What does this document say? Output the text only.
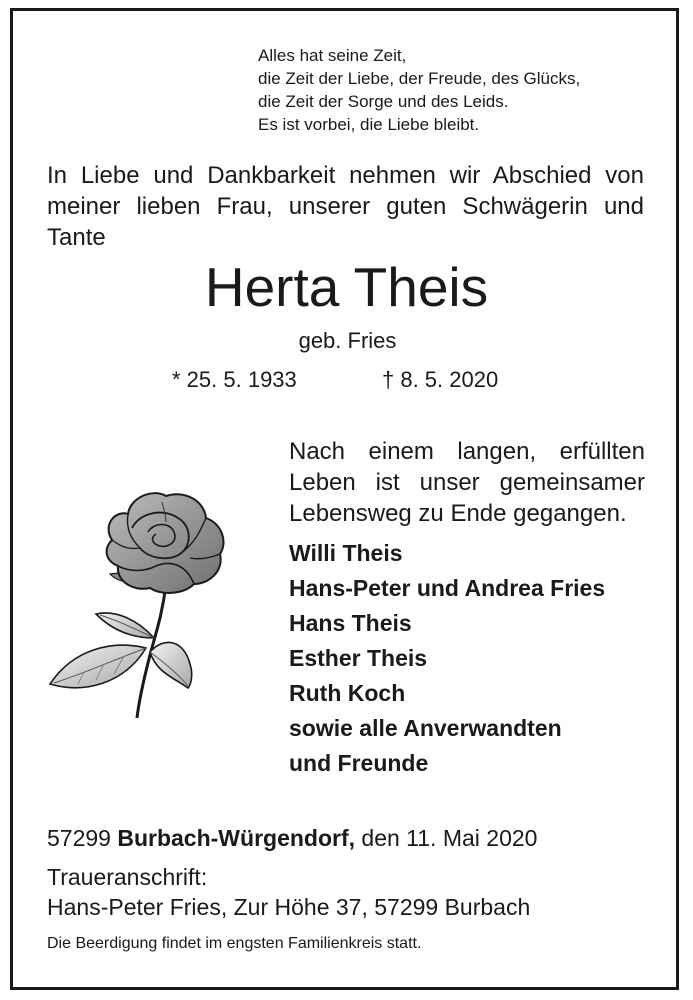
Alles hat seine Zeit,
die Zeit der Liebe, der Freude, des Glücks,
die Zeit der Sorge und des Leids.
Es ist vorbei, die Liebe bleibt.
In Liebe und Dankbarkeit nehmen wir Abschied von
meiner lieben Frau, unserer guten Schwägerin und
Tante
Herta Theis
geb. Fries
* 25. 5. 1933	† 8. 5. 2020
Nach einem langen, erfüllten
Leben ist unser gemeinsamer
Lebensweg zu Ende gegangen.
Willi Theis
Hans-Peter und Andrea Fries
Hans Theis
Esther Theis
Ruth Koch
sowie alle Anverwandten
und Freunde
57299 Burbach-Würgendorf, den 11. Mai 2020
Traueranschrift:
Hans-Peter Fries, Zur Höhe 37, 57299 Burbach
Die Beerdigung findet im engsten Familienkreis statt.
